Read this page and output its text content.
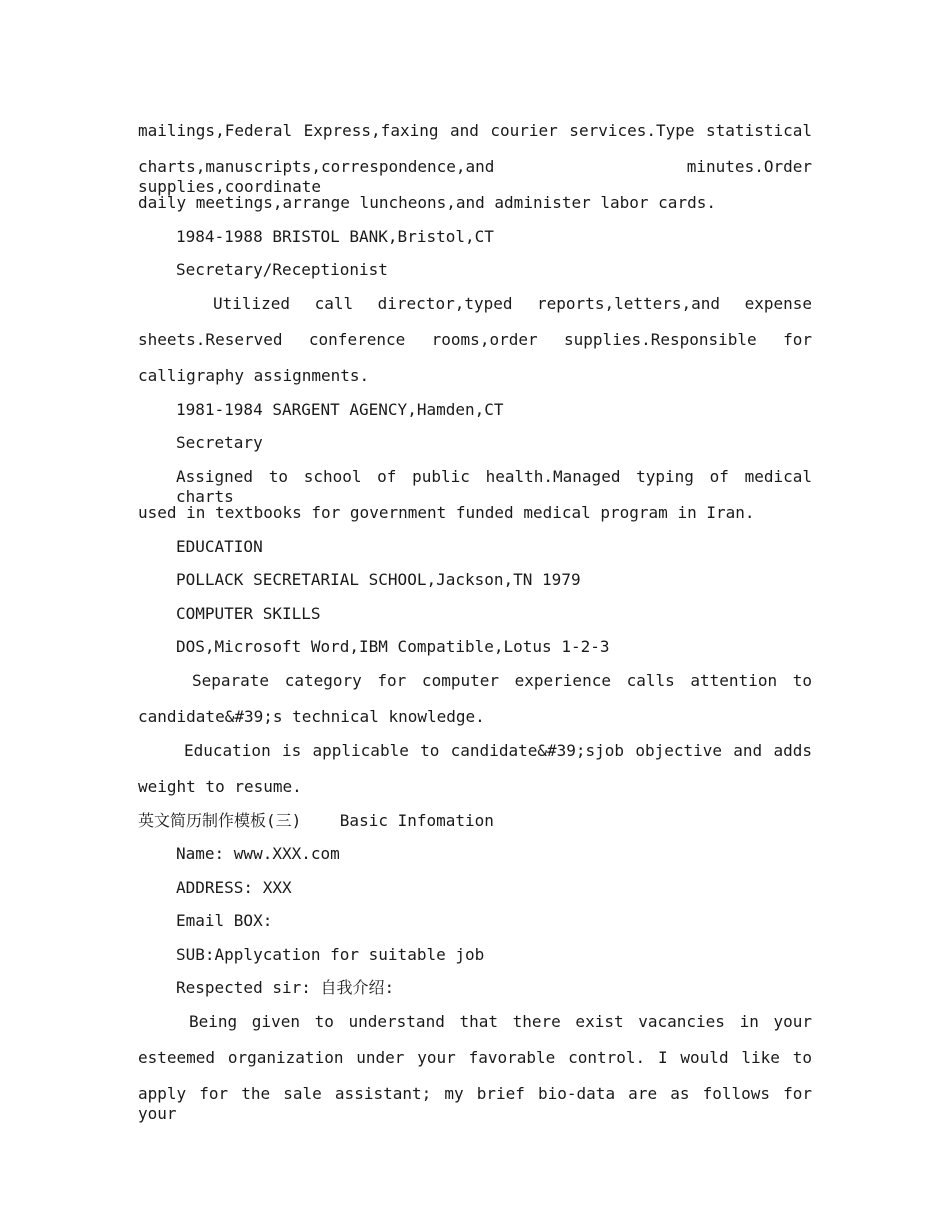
mailings,Federal Express,faxing and courier services.Type statistical
charts,manuscripts,correspondence,and minutes.Order supplies,coordinate
daily meetings,arrange luncheons,and administer labor cards.
1984-1988 BRISTOL BANK,Bristol,CT
Secretary/Receptionist
Utilized call director,typed reports,letters,and expense
sheets.Reserved conference rooms,order supplies.Responsible for
calligraphy assignments.
1981-1984 SARGENT AGENCY,Hamden,CT
Secretary
Assigned to school of public health.Managed typing of medical charts
used in textbooks for government funded medical program in Iran.
EDUCATION
POLLACK SECRETARIAL SCHOOL,Jackson,TN 1979
COMPUTER SKILLS
DOS,Microsoft Word,IBM Compatible,Lotus 1-2-3
Separate category for computer experience calls attention to
candidate&#39;s technical knowledge.
Education is applicable to candidate&#39;sjob objective and adds
weight to resume.
英文简历制作模板(三)    Basic Infomation
Name: www.XXX.com
ADDRESS: XXX
Email BOX:
SUB:Applycation for suitable job
Respected sir: 自我介绍:
Being given to understand that there exist vacancies in your
esteemed organization under your favorable control. I would like to
apply for the sale assistant; my brief bio-data are as follows for your
